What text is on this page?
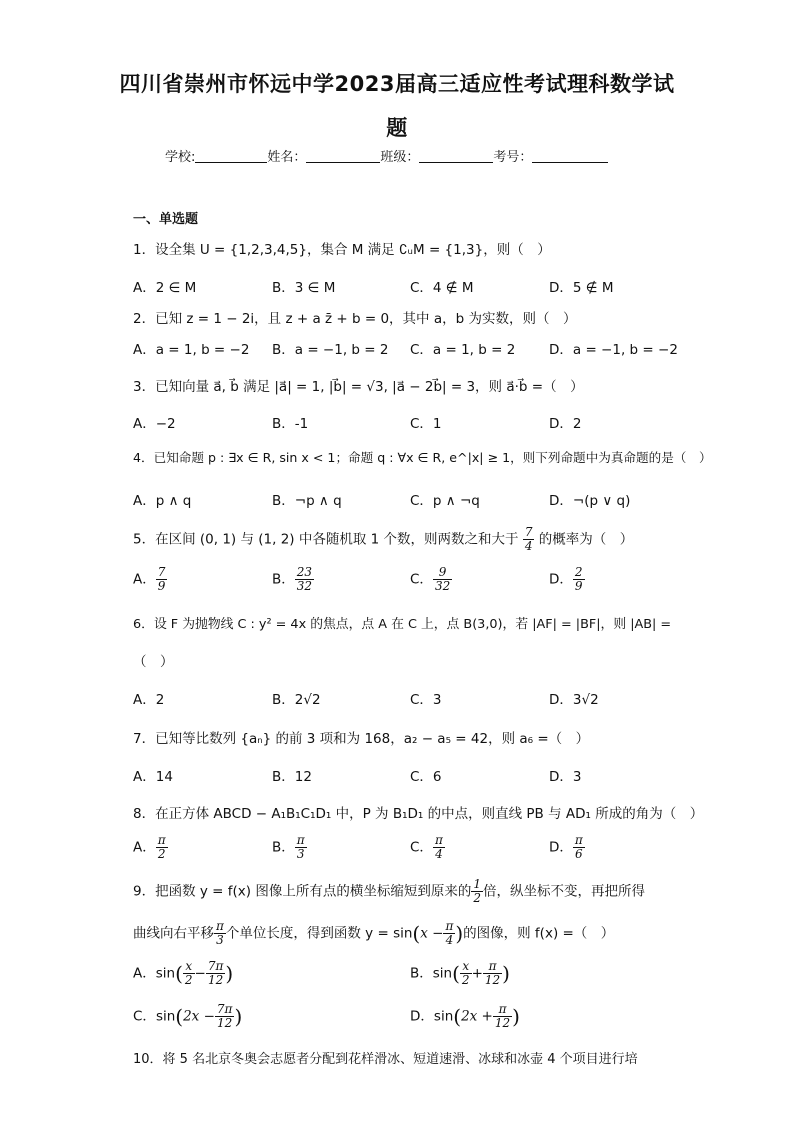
四川省崇州市怀远中学2023届高三适应性考试理科数学试
题
学校:	姓名：	班级：	考号：
一、单选题
1．设全集 U = {1,2,3,4,5}，集合 M 满足 ∁ᵤM = {1,3}，则（　）
A．2 ∈ M	B．3 ∈ M	C．4 ∉ M	D．5 ∉ M
2．已知 z = 1 − 2i，且 z + a z̄ + b = 0，其中 a，b 为实数，则（　）
A．a = 1, b = −2 B．a = −1, b = 2 C．a = 1, b = 2 D．a = −1, b = −2
3．已知向量 a⃗, b⃗ 满足 |a⃗| = 1, |b⃗| = √3, |a⃗ − 2b⃗| = 3，则 a⃗·b⃗ =（　）
A．−2	B．-1	C．1	D．2
4．已知命题 p : ∃x ∈ R, sin x < 1；命题 q : ∀x ∈ R, e^|x| ≥ 1，则下列命题中为真命题的是（　）
A．p ∧ q	B．¬p ∧ q	C．p ∧ ¬q	D．¬(p ∨ q)
5．在区间 (0, 1) 与 (1, 2) 中各随机取 1 个数，则两数之和大于 $\frac{7}{4}$ 的概率为（　）
A． $\frac{7}{9}$	B． $\frac{23}{32}$	C． $\frac{9}{32}$	D． $\frac{2}{9}$
6．设 F 为抛物线 C : y² = 4x 的焦点，点 A 在 C 上，点 B(3,0)，若 |AF| = |BF|，则 |AB| =
（　）
A．2	B．2√2	C．3	D．3√2
7．已知等比数列 {aₙ} 的前 3 项和为 168，a₂ − a₅ = 42，则 a₆ =（　）
A．14	B．12	C．6	D．3
8．在正方体 ABCD − A₁B₁C₁D₁ 中，P 为 B₁D₁ 的中点，则直线 PB 与 AD₁ 所成的角为（　）
A． $\frac{\pi}{2}$	B． $\frac{\pi}{3}$	C． $\frac{\pi}{4}$	D． $\frac{\pi}{6}$
9．把函数 y = f(x) 图像上所有点的横坐标缩短到原来的 $\frac{1}{2}$ 倍，纵坐标不变，再把所得
曲线向右平移 $\frac{\pi}{3}$ 个单位长度，得到函数 $y = \sin(x - \frac{\pi}{4}$ )的图像，则 f(x) =（　）
A．$\sin( \frac{x}{2} - \frac{7\pi}{12}$ )	B．$\sin( \frac{x}{2} + \frac{\pi}{12}$ )
C．$\sin(2x - \frac{7\pi}{12}$ )	D．$\sin(2x + \frac{\pi}{12}$ )
10．将 5 名北京冬奥会志愿者分配到花样滑冰、短道速滑、冰球和冰壶 4 个项目进行培
